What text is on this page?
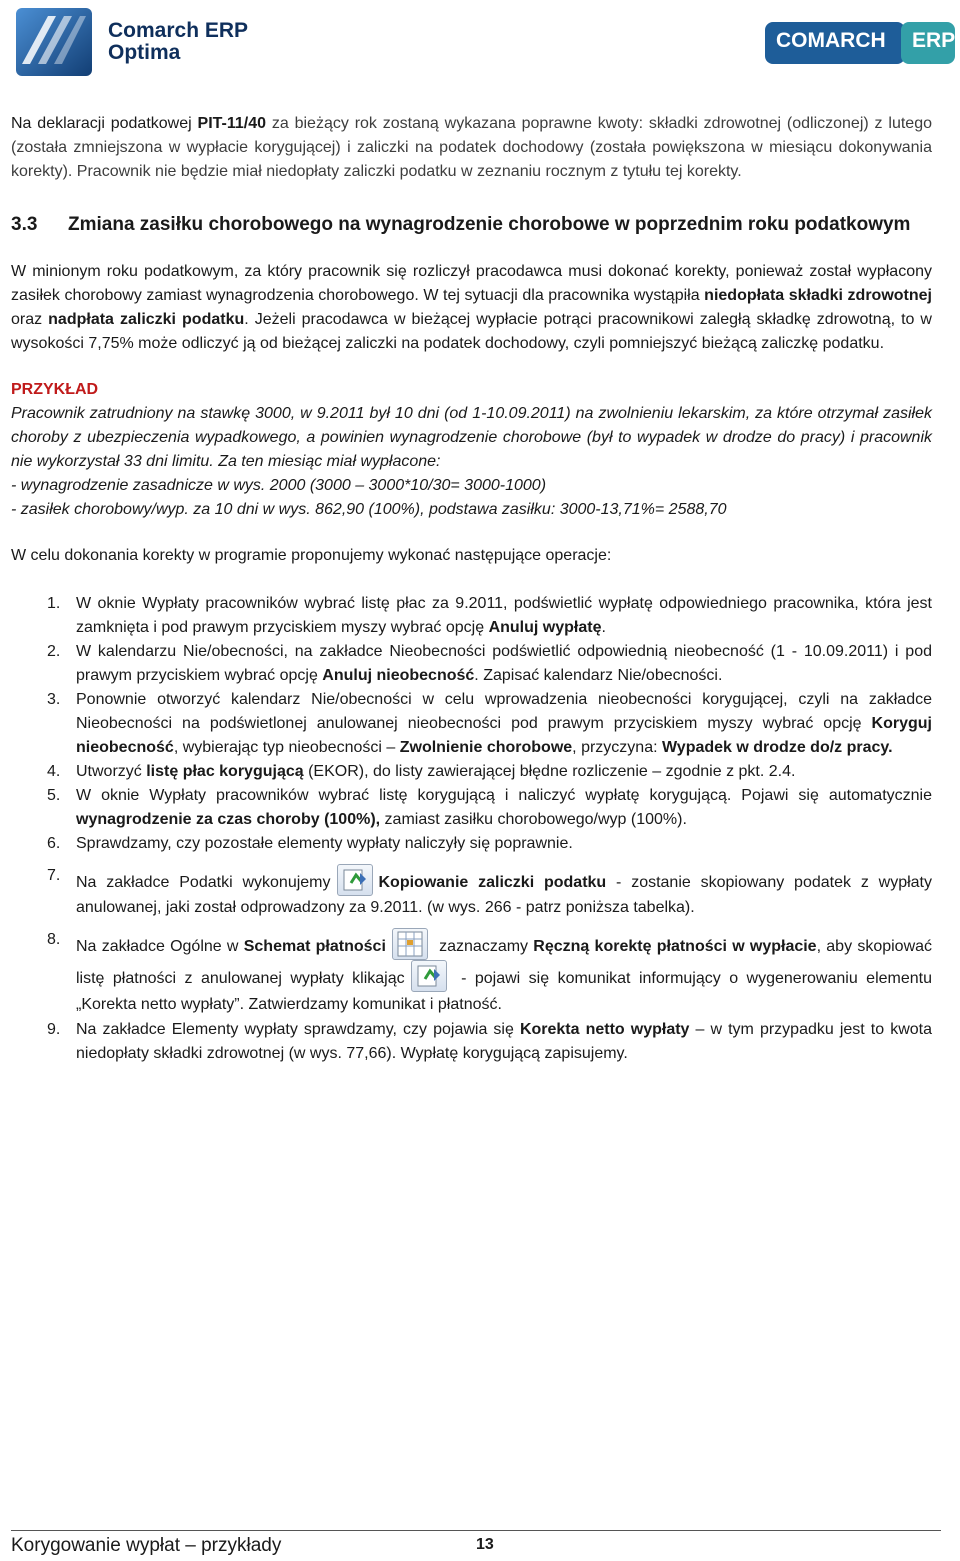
Comarch ERP
Optima
COMARCH ERP

Na deklaracji podatkowej PIT-11/40 za bieżący rok zostaną wykazana poprawne kwoty: składki zdrowotnej (odliczonej) z lutego (została zmniejszona w wypłacie korygującej) i zaliczki na podatek dochodowy (została powiększona w miesiącu dokonywania korekty). Pracownik nie będzie miał niedopłaty zaliczki podatku w zeznaniu rocznym z tytułu tej korekty.

3.3	Zmiana zasiłku chorobowego na wynagrodzenie chorobowe w poprzednim roku podatkowym

W minionym roku podatkowym, za który pracownik się rozliczył pracodawca musi dokonać korekty, ponieważ został wypłacony zasiłek chorobowy zamiast wynagrodzenia chorobowego. W tej sytuacji dla pracownika wystąpiła niedopłata składki zdrowotnej oraz nadpłata zaliczki podatku. Jeżeli pracodawca w bieżącej wypłacie potrąci pracownikowi zaległą składkę zdrowotną, to w wysokości 7,75% może odliczyć ją od bieżącej zaliczki na podatek dochodowy, czyli pomniejszyć bieżącą zaliczkę podatku.

PRZYKŁAD

Pracownik zatrudniony na stawkę 3000, w 9.2011 był 10 dni (od 1-10.09.2011) na zwolnieniu lekarskim, za które otrzymał zasiłek choroby z ubezpieczenia wypadkowego, a powinien wynagrodzenie chorobowe (był to wypadek w drodze do pracy) i pracownik nie wykorzystał 33 dni limitu. Za ten miesiąc miał wypłacone:

- wynagrodzenie zasadnicze w wys. 2000 (3000 – 3000*10/30= 3000-1000)

- zasiłek chorobowy/wyp. za 10 dni w wys. 862,90 (100%), podstawa zasiłku: 3000-13,71%= 2588,70

W celu dokonania korekty w programie proponujemy wykonać następujące operacje:

1. W oknie Wypłaty pracowników wybrać listę płac za 9.2011, podświetlić wypłatę odpowiedniego pracownika, która jest zamknięta i pod prawym przyciskiem myszy wybrać opcję Anuluj wypłatę.
2. W kalendarzu Nie/obecności, na zakładce Nieobecności podświetlić odpowiednią nieobecność (1 - 10.09.2011) i pod prawym przyciskiem wybrać opcję Anuluj nieobecność. Zapisać kalendarz Nie/obecności.
3. Ponownie otworzyć kalendarz Nie/obecności w celu wprowadzenia nieobecności korygującej, czyli na zakładce Nieobecności na podświetlonej anulowanej nieobecności pod prawym przyciskiem myszy wybrać opcję Koryguj nieobecność, wybierając typ nieobecności – Zwolnienie chorobowe, przyczyna: Wypadek w drodze do/z pracy.
4. Utworzyć listę płac korygującą (EKOR), do listy zawierającej błędne rozliczenie – zgodnie z pkt. 2.4.
5. W oknie Wypłaty pracowników wybrać listę korygującą i naliczyć wypłatę korygującą. Pojawi się automatycznie wynagrodzenie za czas choroby (100%), zamiast zasiłku chorobowego/wyp (100%).
6. Sprawdzamy, czy pozostałe elementy wypłaty naliczyły się poprawnie.
7. Na zakładce Podatki wykonujemy	Kopiowanie zaliczki podatku - zostanie skopiowany podatek z wypłaty anulowanej, jaki został odprowadzony za 9.2011. (w wys. 266 - patrz poniższa tabelka).
8. Na zakładce Ogólne w Schemat płatności	zaznaczamy Ręczną korektę płatności w wypłacie, aby skopiować listę płatności z anulowanej wypłaty klikając	- pojawi się komunikat informujący o wygenerowaniu elementu „Korekta netto wypłaty”. Zatwierdzamy komunikat i płatność.
9. Na zakładce Elementy wypłaty sprawdzamy, czy pojawia się Korekta netto wypłaty – w tym przypadku jest to kwota niedopłaty składki zdrowotnej (w wys. 77,66). Wypłatę korygującą zapisujemy.
Korygowanie wypłat – przykłady	13
